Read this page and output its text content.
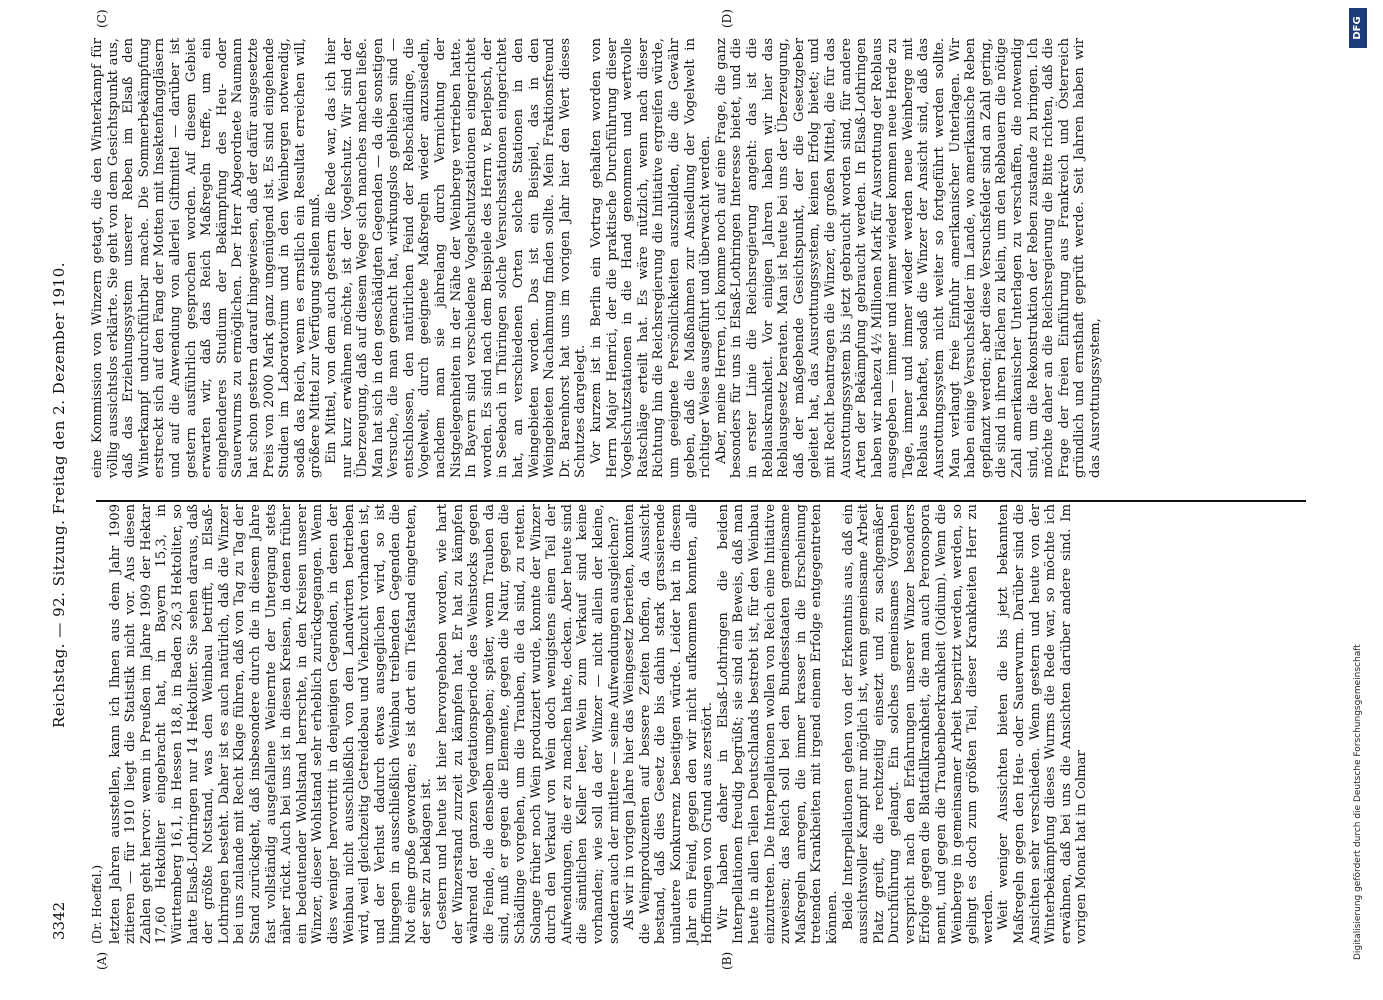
3342
Reichstag. — 92. Sitzung. Freitag den 2. Dezember 1910.
(A)	(B)
(C)	(D)
(Dr. Hoeffel.) letzten Jahren ausstellen, kann ich Ihnen aus dem Jahr 1909 zitieren — für 1910 liegt die Statistik nicht vor. Aus diesen Zahlen geht hervor: wenn in Preußen im Jahre 1909 der Hektar 17,60 Hektoliter eingebracht hat, in Bayern 15,3, in Württemberg 16,1, in Hessen 18,8, in Baden 26,3 Hektoliter, so hatte Elsaß-Lothringen nur 14 Hektoliter. Sie sehen daraus, daß der größte Notstand, was den Weinbau betrifft, in Elsaß-Lothringen besteht. Daher ist es auch natürlich, daß die Winzer bei uns zulande mit Recht Klage führen, daß von Tag zu Tag der Stand zurückgeht, daß insbesondere durch die in diesem Jahre fast vollständig ausgefallene Weinernte der Untergang stets näher rückt. Auch bei uns ist in diesen Kreisen, in denen früher ein bedeutender Wohlstand herrschte, in den Kreisen unserer Winzer, dieser Wohlstand sehr erheblich zurückgegangen. Wenn dies weniger hervortritt in denjenigen Gegenden, in denen der Weinbau nicht ausschließlich von den Landwirten betrieben wird, weil gleichzeitig Getreidebau und Viehzucht vorhanden ist, und der Verlust dadurch etwas ausgeglichen wird, so ist hingegen in ausschließlich Weinbau treibenden Gegenden die Not eine große geworden; es ist dort ein Tiefstand eingetreten, der sehr zu beklagen ist. Gestern und heute ist hier hervorgehoben worden, wie hart der Winzerstand zurzeit zu kämpfen hat. Er hat zu kämpfen während der ganzen Vegetationsperiode des Weinstocks gegen die Feinde, die denselben umgeben; später, wenn Trauben da sind, muß er gegen die Elemente, gegen die Natur, gegen die Schädlinge vorgehen, um die Trauben, die da sind, zu retten. Solange früher noch Wein produziert wurde, konnte der Winzer durch den Verkauf von Wein doch wenigstens einen Teil der Aufwendungen, die er zu machen hatte, decken. Aber heute sind die sämtlichen Keller leer, Wein zum Verkauf sind keine vorhanden; wie soll da der Winzer — nicht allein der kleine, sondern auch der mittlere — seine Aufwendungen ausgleichen? Als wir in vorigen Jahre hier das Weingesetz berieten, konnten die Weinproduzenten auf bessere Zeiten hoffen, da Aussicht bestand, daß dies Gesetz die bis dahin stark grassierende unlautere Konkurrenz beseitigen würde. Leider hat in diesem Jahr ein Feind, gegen den wir nicht aufkommen konnten, alle Hoffnungen von Grund aus zerstört. Wir haben daher in Elsaß-Lothringen die beiden Interpellationen freudig begrüßt; sie sind ein Beweis, daß man heute in allen Teilen Deutschlands bestrebt ist, für den Weinbau einzutreten. Die Interpellationen wollen von Reich eine Initiative zuweisen; das Reich soll bei den Bundesstaaten gemeinsame Maßregeln anregen, die immer krasser in die Erscheinung tretenden Krankheiten mit irgend einem Erfolge entgegentreten können. Beide Interpellationen gehen von der Erkenntnis aus, daß ein aussichtsvoller Kampf nur möglich ist, wenn gemeinsame Arbeit Platz greift, die rechtzeitig einsetzt und zu sachgemäßer Durchführung gelangt. Ein solches gemeinsames Vorgehen verspricht nach den Erfahrungen unserer Winzer besonders Erfolge gegen die Blattfallkrankheit, die man auch Peronospora nennt, und gegen die Traubenbeerkrankheit (Oidium). Wenn die Weinberge in gemeinsamer Arbeit bespritzt werden, werden, so gelingt es doch zum größten Teil, dieser Krankheiten Herr zu werden. Weit weniger Aussichten bieten die bis jetzt bekannten Maßregeln gegen den Heu- oder Sauerwurm. Darüber sind die Ansichten sehr verschieden. Wenn gestern und heute von der Winterbekämpfung dieses Wurms die Rede war, so möchte ich erwähnen, daß bei uns die Ansichten darüber andere sind. Im vorigen Monat hat in Colmar

eine Kommission von Winzern getagt, die den Winterkampf für völlig aussichtslos erklärte. Sie geht von dem Gesichtspunkt aus, daß das Erziehungssystem unserer Reben im Elsaß den Winterkampf undurchführbar mache. Die Sommerbekämpfung erstreckt sich auf den Fang der Motten mit Insektenfanggläsern und auf die Anwendung von allerlei Giftmittel — darüber ist gestern ausführlich gesprochen worden. Auf diesem Gebiet erwarten wir, daß das Reich Maßregeln treffe, um ein eingehenderes Studium der Bekämpfung des Heu- oder Sauerwurms zu ermöglichen. Der Herr Abgeordnete Naumann hat schon gestern darauf hingewiesen, daß der dafür ausgesetzte Preis von 2000 Mark ganz ungenügend ist. Es sind eingehende Studien im Laboratorium und in den Weinbergen notwendig, sodaß das Reich, wenn es ernstlich ein Resultat erreichen will, größere Mittel zur Verfügung stellen muß. Ein Mittel, von dem auch gestern die Rede war, das ich hier nur kurz erwähnen möchte, ist der Vogelschutz. Wir sind der Überzeugung, daß auf diesem Wege sich manches machen ließe. Man hat sich in den geschädigten Gegenden — da die sonstigen Versuche, die man gemacht hat, wirkungslos geblieben sind — entschlossen, den natürlichen Feind der Rebschädlinge, die Vogelwelt, durch geeignete Maßregeln wieder anzusiedeln, nachdem man sie jahrelang durch Vernichtung der Nistgelegenheiten in der Nähe der Weinberge vertrieben hatte. In Bayern sind verschiedene Vogelschutzstationen eingerichtet worden. Es sind nach dem Beispiele des Herrn v. Berlepsch, der in Seebach in Thüringen solche Versuchsstationen eingerichtet hat, an verschiedenen Orten solche Stationen in den Weingebieten worden. Das ist ein Beispiel, das in den Weingebieten Nachahmung finden sollte. Mein Fraktionsfreund Dr. Barenhorst hat uns im vorigen Jahr hier den Wert dieses Schutzes dargelegt. Vor kurzem ist in Berlin ein Vortrag gehalten worden von Herrn Major Henrici, der die praktische Durchführung dieser Vogelschutzstationen in die Hand genommen und wertvolle Ratschläge erteilt hat. Es wäre nützlich, wenn nach dieser Richtung hin die Reichsregierung die Initiative ergreifen würde, um geeignete Persönlichkeiten auszubilden, die die Gewähr geben, daß die Maßnahmen zur Ansiedlung der Vogelwelt in richtiger Weise ausgeführt und überwacht werden. Aber, meine Herren, ich komme noch auf eine Frage, die ganz besonders für uns in Elsaß-Lothringen Interesse bietet, und die in erster Linie die Reichsregierung angeht: das ist die Reblauskrankheit. Vor einigen Jahren haben wir hier das Reblausgesetz beraten. Man ist heute bei uns der Überzeugung, daß der maßgebende Gesichtspunkt, der die Gesetzgeber geleitet hat, das Ausrottungssystem, keinen Erfolg bietet; und mit Recht beantragen die Winzer, die großen Mittel, die für das Ausrottungssystem bis jetzt gebraucht worden sind, für andere Arten der Bekämpfung gebraucht werden. In Elsaß-Lothringen haben wir nahezu 4½ Millionen Mark für Ausrottung der Reblaus ausgegeben — immer und immer wieder kommen neue Herde zu Tage, immer und immer wieder werden neue Weinberge mit Reblaus behaftet, sodaß die Winzer der Ansicht sind, daß das Ausrottungssystem nicht weiter so fortgeführt werden sollte. Man verlangt freie Einfuhr amerikanischer Unterlagen. Wir haben einige Versuchsfelder im Lande, wo amerikanische Reben gepflanzt werden; aber diese Versuchsfelder sind an Zahl gering, die sind in ihren Flächen zu klein, um den Rebbauern die nötige Zahl amerikanischer Unterlagen zu verschaffen, die notwendig sind, um die Rekonstruktion der Reben zustande zu bringen. Ich möchte daher an die Reichsregierung die Bitte richten, daß die Frage der freien Einführung aus Frankreich und Österreich gründlich und ernsthaft geprüft werde. Seit Jahren haben wir das Ausrottungssystem,

Digitalisierung gefördert durch die Deutsche Forschungsgemeinschaft
DFG
